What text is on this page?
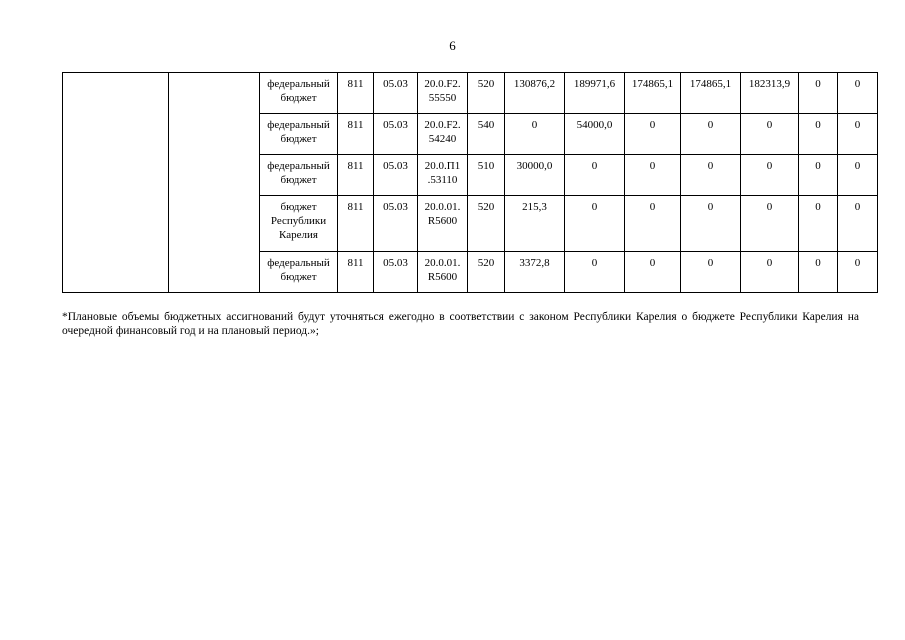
6
		федеральный бюджет	811	05.03	20.0.F2. 55550	520	130876,2	189971,6	174865,1	174865,1	182313,9	0	0
		федеральный бюджет	811	05.03	20.0.F2. 54240	540	0	54000,0	0	0	0	0	0
		федеральный бюджет	811	05.03	20.0.П1 .53110	510	30000,0	0	0	0	0	0	0
		бюджет Республики Карелия	811	05.03	20.0.01. R5600	520	215,3	0	0	0	0	0	0
		федеральный бюджет	811	05.03	20.0.01. R5600	520	3372,8	0	0	0	0	0	0
*Плановые объемы бюджетных ассигнований будут уточняться ежегодно в соответствии с законом Республики Карелия о бюджете Республики Карелия на очередной финансовый год и на плановый период.»;
